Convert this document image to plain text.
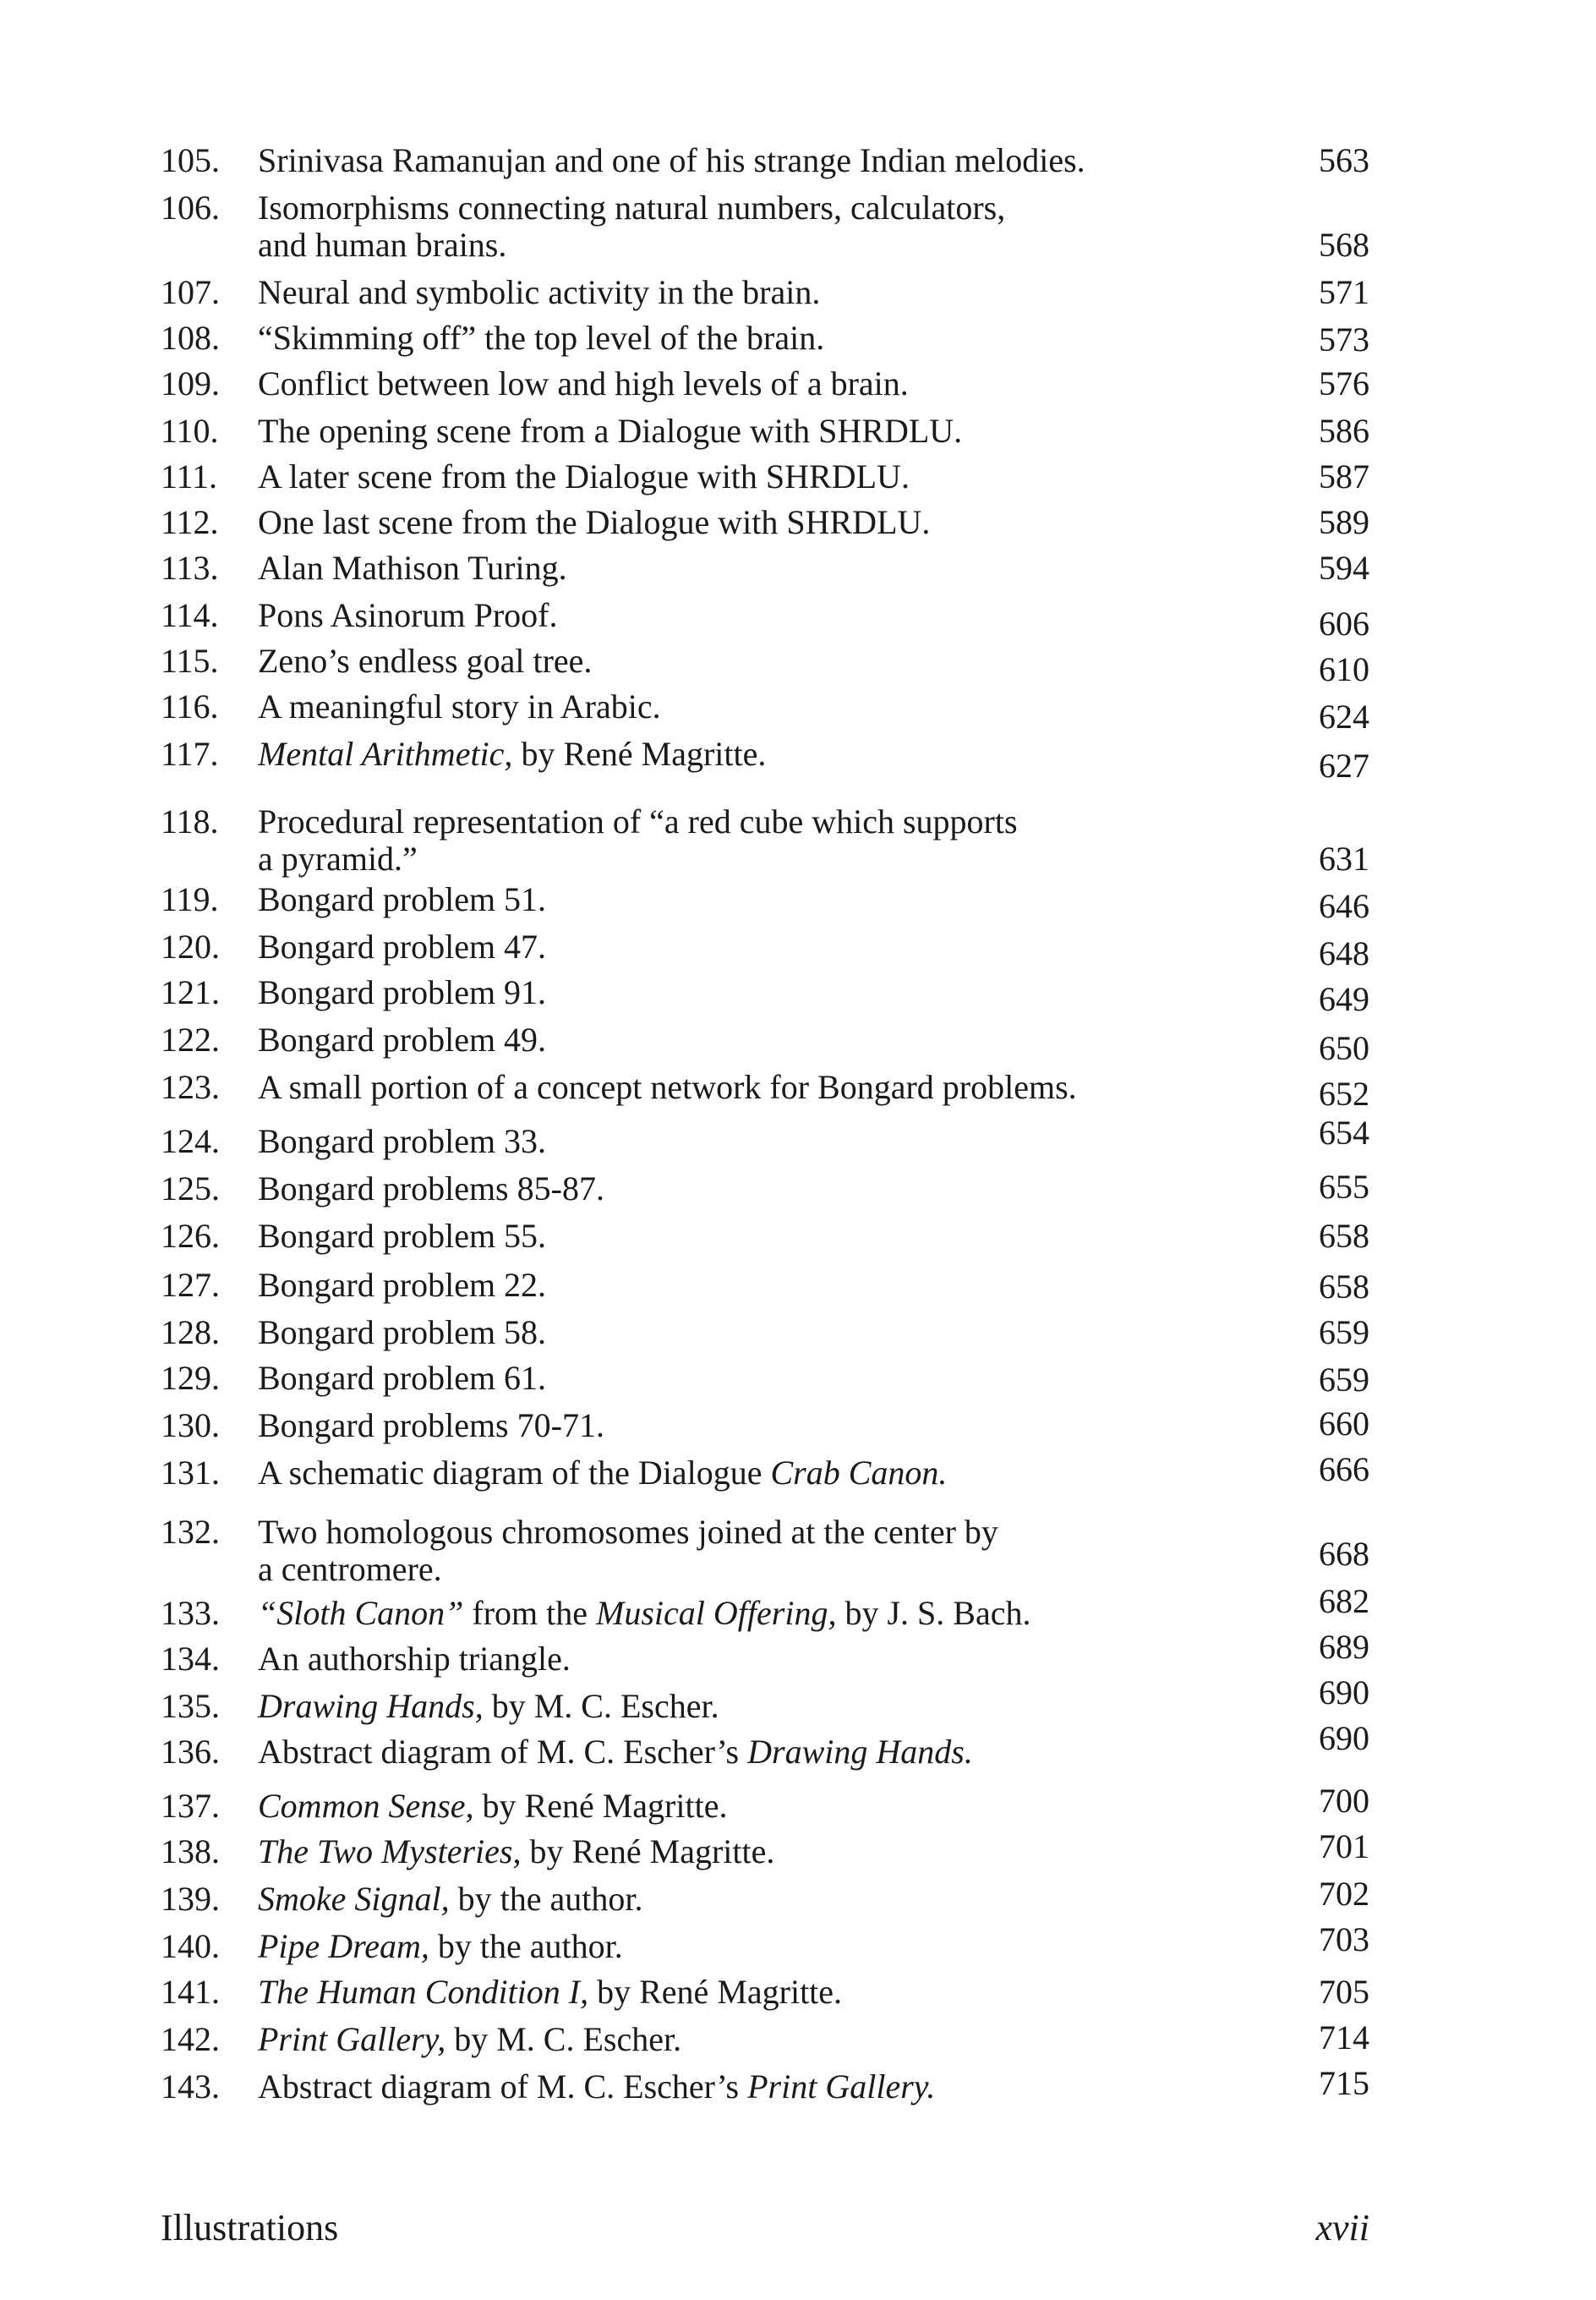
105.	Srinivasa Ramanujan and one of his strange Indian melodies.	563
106.	Isomorphisms connecting natural numbers, calculators,
and human brains.	568
107.	Neural and symbolic activity in the brain.	571
108.	“Skimming off” the top level of the brain.	573
109.	Conflict between low and high levels of a brain.	576
110.	The opening scene from a Dialogue with SHRDLU.	586
111.	A later scene from the Dialogue with SHRDLU.	587
112.	One last scene from the Dialogue with SHRDLU.	589
113.	Alan Mathison Turing.	594
114.	Pons Asinorum Proof.	606
115.	Zeno’s endless goal tree.	610
116.	A meaningful story in Arabic.	624
117.	Mental Arithmetic, by René Magritte.	627
118.	Procedural representation of “a red cube which supports
a pyramid.”	631
119.	Bongard problem 51.	646
120.	Bongard problem 47.	648
121.	Bongard problem 91.	649
122.	Bongard problem 49.	650
123.	A small portion of a concept network for Bongard problems.	652
124.	Bongard problem 33.	654
125.	Bongard problems 85-87.	655
126.	Bongard problem 55.	658
127.	Bongard problem 22.	658
128.	Bongard problem 58.	659
129.	Bongard problem 61.	659
130.	Bongard problems 70-71.	660
131.	A schematic diagram of the Dialogue Crab Canon.	666
132.	Two homologous chromosomes joined at the center by
a centromere.	668
133.	“Sloth Canon” from the Musical Offering, by J. S. Bach.	682
134.	An authorship triangle.	689
135.	Drawing Hands, by M. C. Escher.	690
136.	Abstract diagram of M. C. Escher’s Drawing Hands.	690
137.	Common Sense, by René Magritte.	700
138.	The Two Mysteries, by René Magritte.	701
139.	Smoke Signal, by the author.	702
140.	Pipe Dream, by the author.	703
141.	The Human Condition I, by René Magritte.	705
142.	Print Gallery, by M. C. Escher.	714
143.	Abstract diagram of M. C. Escher’s Print Gallery.	715
Illustrations	xvii
